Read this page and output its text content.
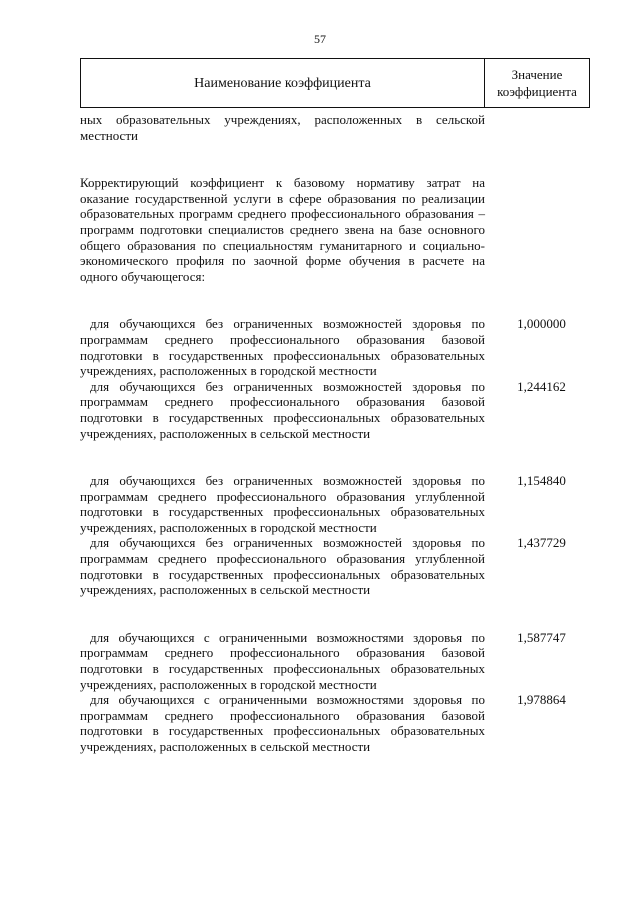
57
Наименование коэффициента
Значение коэффициента
ных образовательных учреждениях, расположенных в сельской местности
Корректирующий коэффициент к базовому нормативу затрат на оказание государственной услуги в сфере образования по реализации образовательных программ среднего профессионального образования – программ подготовки специалистов среднего звена на базе основного общего образования по специальностям гуманитарного и социально-экономического профиля по заочной форме обучения в расчете на одного обучающегося:
для обучающихся без ограниченных возможностей здоровья по программам среднего профессионального образования базовой подготовки в государственных профессиональных образовательных учреждениях, расположенных в городской местности
1,000000
для обучающихся без ограниченных возможностей здоровья по программам среднего профессионального образования базовой подготовки в государственных профессиональных образовательных учреждениях, расположенных в сельской местности
1,244162
для обучающихся без ограниченных возможностей здоровья по программам среднего профессионального образования углубленной подготовки в государственных профессиональных образовательных учреждениях, расположенных в городской местности
1,154840
для обучающихся без ограниченных возможностей здоровья по программам среднего профессионального образования углубленной подготовки в государственных профессиональных образовательных учреждениях, расположенных в сельской местности
1,437729
для обучающихся с ограниченными возможностями здоровья по программам среднего профессионального образования базовой подготовки в государственных профессиональных образовательных учреждениях, расположенных в городской местности
1,587747
для обучающихся с ограниченными возможностями здоровья по программам среднего профессионального образования базовой подготовки в государственных профессиональных образовательных учреждениях, расположенных в сельской местности
1,978864
